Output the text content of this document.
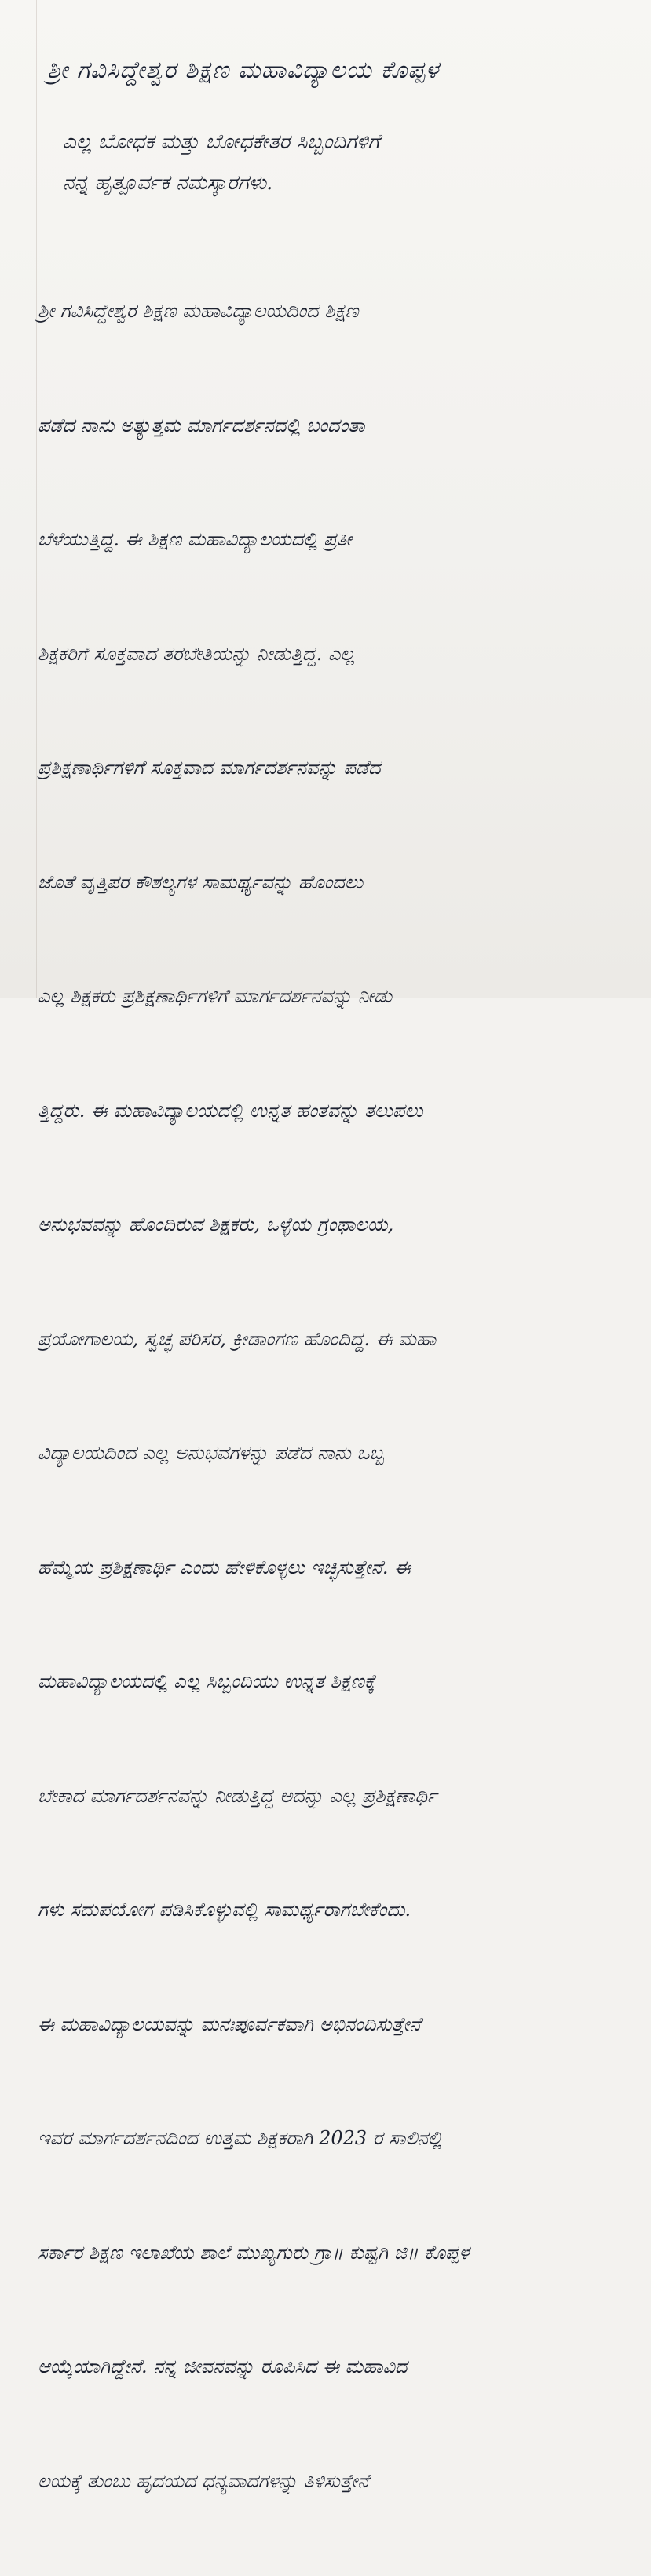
ಶ್ರೀ ಗವಿಸಿದ್ದೇಶ್ವರ ಶಿಕ್ಷಣ ಮಹಾವಿದ್ಯಾಲಯ ಕೊಪ್ಪಳ
ಎಲ್ಲ ಬೋಧಕ ಮತ್ತು ಬೋಧಕೇತರ ಸಿಬ್ಬಂದಿಗಳಿಗೆ
ನನ್ನ ಹೃತ್ಪೂರ್ವಕ ನಮಸ್ಕಾರಗಳು.

ಶ್ರೀ ಗವಿಸಿದ್ದೇಶ್ವರ ಶಿಕ್ಷಣ ಮಹಾವಿದ್ಯಾಲಯದಿಂದ ಶಿಕ್ಷಣ

ಪಡೆದ ನಾನು ಅತ್ಯುತ್ತಮ ಮಾರ್ಗದರ್ಶನದಲ್ಲಿ ಬಂದಂತಾ

ಬೆಳೆಯುತ್ತಿದ್ದ. ಈ ಶಿಕ್ಷಣ ಮಹಾವಿದ್ಯಾಲಯದಲ್ಲಿ ಪ್ರತೀ

ಶಿಕ್ಷಕರಿಗೆ ಸೂಕ್ತವಾದ ತರಬೇತಿಯನ್ನು ನೀಡುತ್ತಿದ್ದ. ಎಲ್ಲ

ಪ್ರಶಿಕ್ಷಣಾರ್ಥಿಗಳಿಗೆ ಸೂಕ್ತವಾದ ಮಾರ್ಗದರ್ಶನವನ್ನು ಪಡೆದ

ಜೊತೆ ವೃತ್ತಿಪರ ಕೌಶಲ್ಯಗಳ ಸಾಮರ್ಥ್ಯವನ್ನು ಹೊಂದಲು

ಎಲ್ಲ ಶಿಕ್ಷಕರು ಪ್ರಶಿಕ್ಷಣಾರ್ಥಿಗಳಿಗೆ ಮಾರ್ಗದರ್ಶನವನ್ನು ನೀಡು

ತ್ತಿದ್ದರು. ಈ ಮಹಾವಿದ್ಯಾಲಯದಲ್ಲಿ ಉನ್ನತ ಹಂತವನ್ನು ತಲುಪಲು

ಅನುಭವವನ್ನು ಹೊಂದಿರುವ ಶಿಕ್ಷಕರು, ಒಳ್ಳೆಯ ಗ್ರಂಥಾಲಯ,

ಪ್ರಯೋಗಾಲಯ, ಸ್ವಚ್ಛ ಪರಿಸರ, ಕ್ರೀಡಾಂಗಣ ಹೊಂದಿದ್ದ. ಈ ಮಹಾ

ವಿದ್ಯಾಲಯದಿಂದ ಎಲ್ಲ ಅನುಭವಗಳನ್ನು ಪಡೆದ ನಾನು ಒಬ್ಬ

ಹೆಮ್ಮೆಯ ಪ್ರಶಿಕ್ಷಣಾರ್ಥಿ ಎಂದು ಹೇಳಿಕೊಳ್ಳಲು ಇಚ್ಛಿಸುತ್ತೇನೆ. ಈ

ಮಹಾವಿದ್ಯಾಲಯದಲ್ಲಿ ಎಲ್ಲ ಸಿಬ್ಬಂದಿಯು ಉನ್ನತ ಶಿಕ್ಷಣಕ್ಕೆ

ಬೇಕಾದ ಮಾರ್ಗದರ್ಶನವನ್ನು ನೀಡುತ್ತಿದ್ದ ಅದನ್ನು ಎಲ್ಲ ಪ್ರಶಿಕ್ಷಣಾರ್ಥಿ

ಗಳು ಸದುಪಯೋಗ ಪಡಿಸಿಕೊಳ್ಳುವಲ್ಲಿ ಸಾಮರ್ಥ್ಯರಾಗಬೇಕೆಂದು.

ಈ ಮಹಾವಿದ್ಯಾಲಯವನ್ನು ಮನಃಪೂರ್ವಕವಾಗಿ ಅಭಿನಂದಿಸುತ್ತೇನೆ

ಇವರ ಮಾರ್ಗದರ್ಶನದಿಂದ ಉತ್ತಮ ಶಿಕ್ಷಕರಾಗಿ 2023 ರ ಸಾಲಿನಲ್ಲಿ

ಸರ್ಕಾರ ಶಿಕ್ಷಣ ಇಲಾಖೆಯ ಶಾಲೆ ಮುಖ್ಯಗುರು ಗ್ರಾ॥ ಕುಷ್ಟಗಿ ಜಿ॥ ಕೊಪ್ಪಳ

ಆಯ್ಕೆಯಾಗಿದ್ದೇನೆ. ನನ್ನ ಜೀವನವನ್ನು ರೂಪಿಸಿದ ಈ ಮಹಾವಿದ

ಲಯಕ್ಕೆ ತುಂಬು ಹೃದಯದ ಧನ್ಯವಾದಗಳನ್ನು ತಿಳಿಸುತ್ತೇನೆ
